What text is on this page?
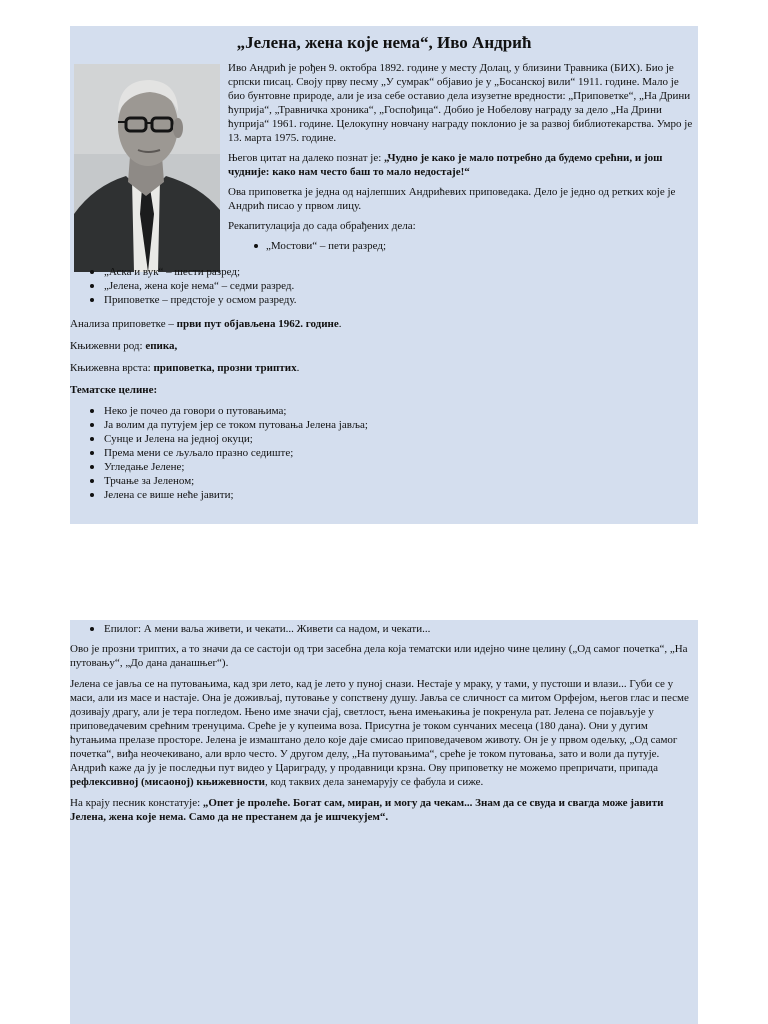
„Јелена, жена које нема“, Иво Андрић

Иво Андрић је рођен 9. октобра 1892. године у месту Долац, у близини Травника (БИХ). Био је српски писац. Своју прву песму „У сумрак“ објавио је у „Босанској вили“ 1911. године. Мало је био бунтовне природе, али је иза себе оставио дела изузетне вредности: „Приповетке“, „На Дрини ћуприја“, „Травничка хроника“, „Госпођица“. Добио је Нобелову награду за дело „На Дрини ћуприја“ 1961. године. Целокупну новчану награду поклонио је за развој библиотекарства. Умро је 13. марта 1975. године.

Његов цитат на далеко познат је: „Чудно је како је мало потребно да будемо срећни, и још чудније: како нам често баш то мало недостаје!“

Ова приповетка је једна од најлепших Андрићевих приповедака. Дело је једно од ретких које је Андрић писао у првом лицу.

Рекапитулација до сада обрађених дела:

„Мостови“ – пети разред;
„Аска и вук“ – шести разред;
„Јелена, жена које нема“ – седми разред.
Приповетке – предстоје у осмом разреду.

Анализа приповетке – први пут објављена 1962. године.

Књижевни род: епика,

Књижевна врста: приповетка, прозни триптих.

Тематске целине:

Неко је почео да говори о путовањима;
Ја волим да путујем јер се током путовања Јелена јавља;
Сунце и Јелена на једној окуци;
Према мени се љуљало празно седиште;
Угледање Јелене;
Трчање за Јеленом;
Јелена се више неће јавити;
Епилог: А мени ваља живети, и чекати... Живети са надом, и чекати...

Ово је прозни триптих, а то значи да се састоји од три засебна дела која тематски или идејно чине целину („Од самог почетка“, „На путовању“, „До дана данашњег“).

Јелена се јавља се на путовањима, кад зри лето, кад је лето у пуној снази. Нестаје у мраку, у тами, у пустоши и влази... Губи се у маси, али из масе и настаје. Она је доживљај, путовање у сопствену душу. Јавља се сличност са митом Орфејом, његов глас и песме дозивају драгу, али је тера погледом. Њено име значи сјај, светлост, њена имењакиња је покренула рат. Јелена се појављује у приповедачевим срећним тренуцима. Среће је у купеима воза. Присутна је током сунчаних месеца (180 дана). Они у дугим ћутањима прелазе просторе. Јелена је измаштано дело које даје смисао приповедачевом животу. Он је у првом одељку, „Од самог почетка“, виђа неочекивано, али врло често. У другом делу, „На путовањима“, среће је током путовања, зато и воли да путује. Андрић каже да ју је последњи пут видео у Цариграду, у продавници крзна. Ову приповетку не можемо препричати, припада рефлексивној (мисаоној) књижевности, код таквих дела занемарују се фабула и сиже.

На крају песник констатује: „Опет је пролеће. Богат сам, миран, и могу да чекам... Знам да се свуда и свагда може јавити Јелена, жена које нема. Само да не престанем да је ишчекујем“.
